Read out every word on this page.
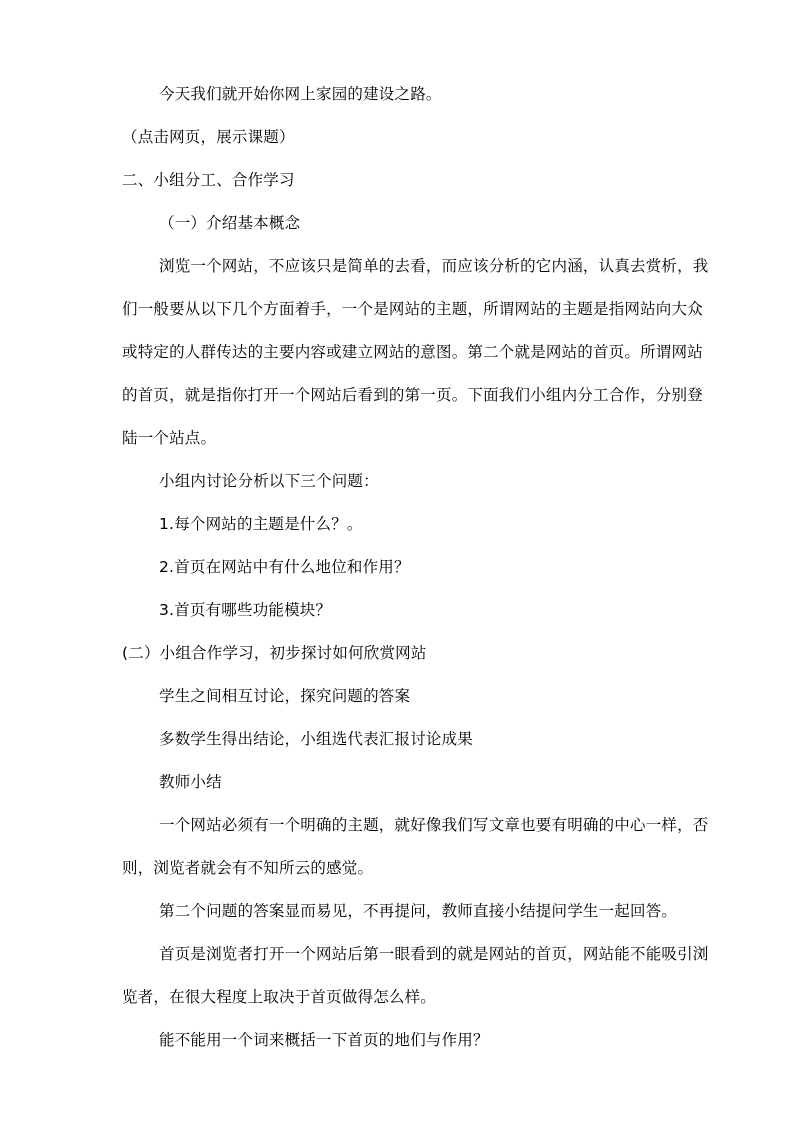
今天我们就开始你网上家园的建设之路。

（点击网页，展示课题）

二、小组分工、合作学习

（一）介绍基本概念

浏览一个网站，不应该只是简单的去看，而应该分析的它内涵，认真去赏析，我

们一般要从以下几个方面着手，一个是网站的主题，所谓网站的主题是指网站向大众

或特定的人群传达的主要内容或建立网站的意图。第二个就是网站的首页。所谓网站

的首页，就是指你打开一个网站后看到的第一页。下面我们小组内分工合作，分别登

陆一个站点。

小组内讨论分析以下三个问题：

1.每个网站的主题是什么？。

2.首页在网站中有什么地位和作用？

3.首页有哪些功能模块？

(二）小组合作学习，初步探讨如何欣赏网站

学生之间相互讨论，探究问题的答案

多数学生得出结论，小组选代表汇报讨论成果

教师小结

一个网站必须有一个明确的主题，就好像我们写文章也要有明确的中心一样，否

则，浏览者就会有不知所云的感觉。

第二个问题的答案显而易见，不再提问，教师直接小结提问学生一起回答。

首页是浏览者打开一个网站后第一眼看到的就是网站的首页，网站能不能吸引浏

览者，在很大程度上取决于首页做得怎么样。

能不能用一个词来概括一下首页的地们与作用？
